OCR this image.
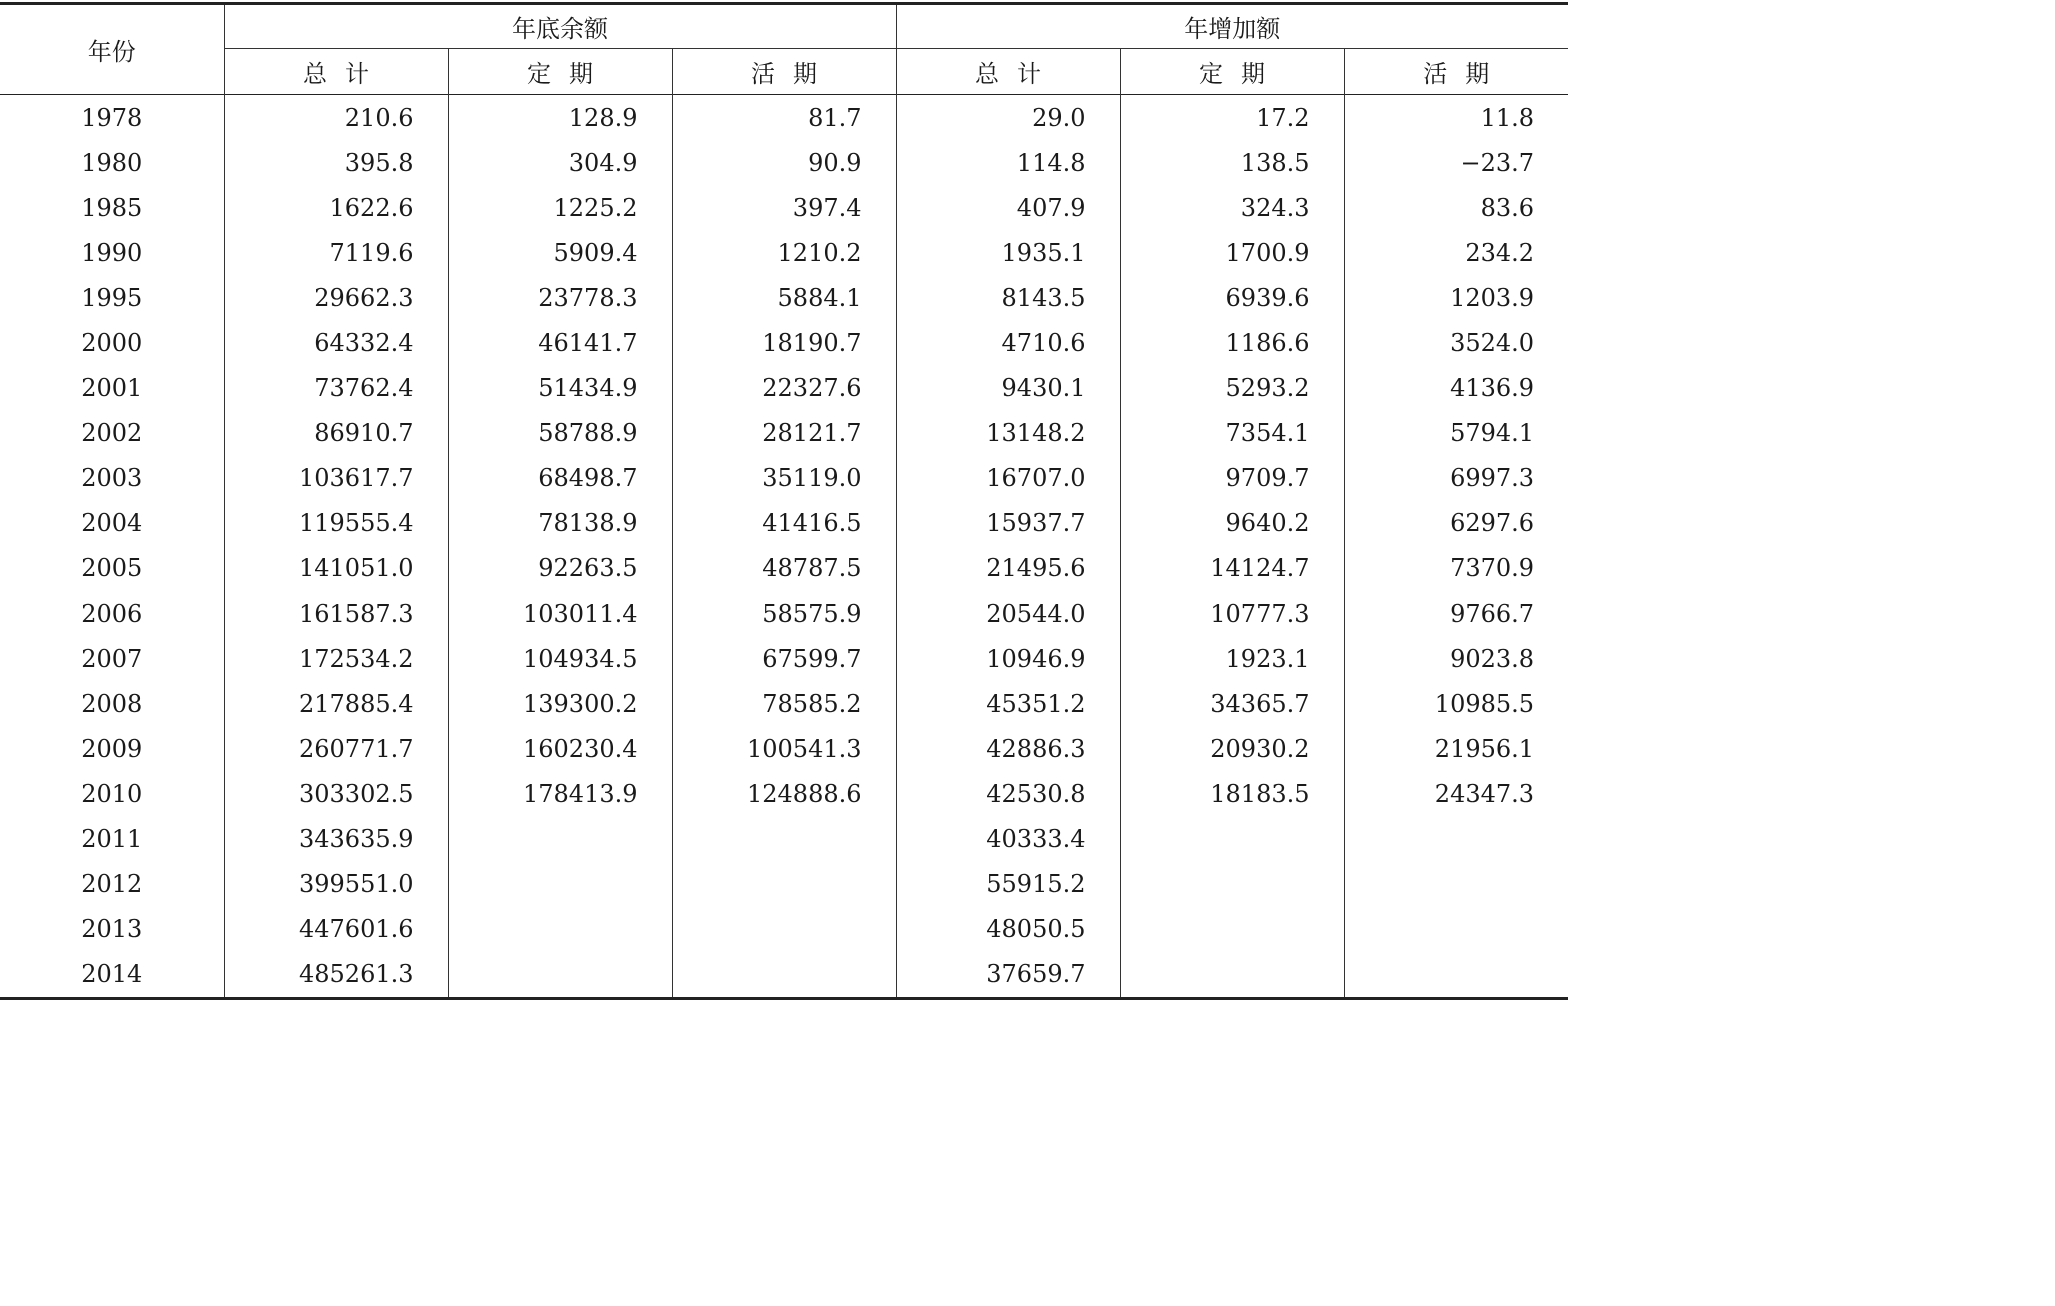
年份	年底余额			年增加额		
	总计	定期	活期	总计	定期	活期
1978	210.6	128.9	81.7	29.0	17.2	11.8
1980	395.8	304.9	90.9	114.8	138.5	−23.7
1985	1622.6	1225.2	397.4	407.9	324.3	83.6
1990	7119.6	5909.4	1210.2	1935.1	1700.9	234.2
1995	29662.3	23778.3	5884.1	8143.5	6939.6	1203.9
2000	64332.4	46141.7	18190.7	4710.6	1186.6	3524.0
2001	73762.4	51434.9	22327.6	9430.1	5293.2	4136.9
2002	86910.7	58788.9	28121.7	13148.2	7354.1	5794.1
2003	103617.7	68498.7	35119.0	16707.0	9709.7	6997.3
2004	119555.4	78138.9	41416.5	15937.7	9640.2	6297.6
2005	141051.0	92263.5	48787.5	21495.6	14124.7	7370.9
2006	161587.3	103011.4	58575.9	20544.0	10777.3	9766.7
2007	172534.2	104934.5	67599.7	10946.9	1923.1	9023.8
2008	217885.4	139300.2	78585.2	45351.2	34365.7	10985.5
2009	260771.7	160230.4	100541.3	42886.3	20930.2	21956.1
2010	303302.5	178413.9	124888.6	42530.8	18183.5	24347.3
2011	343635.9			40333.4		
2012	399551.0			55915.2		
2013	447601.6			48050.5		
2014	485261.3			37659.7		
